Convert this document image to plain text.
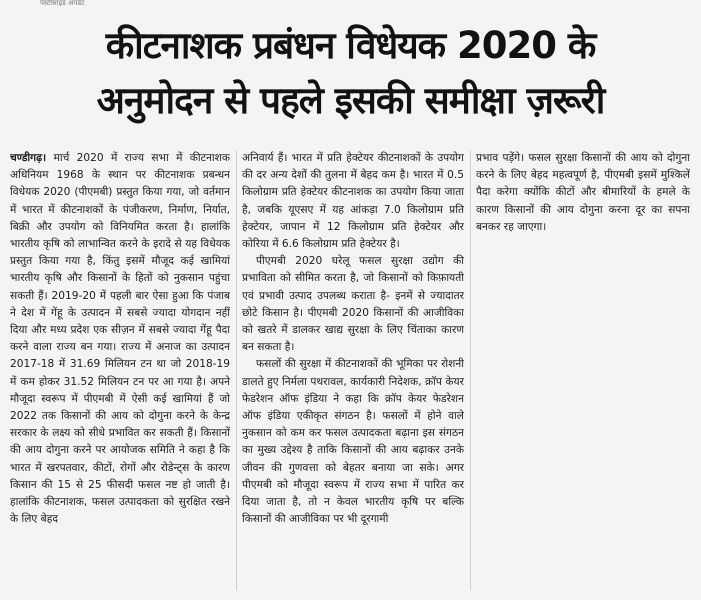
पेस्टीसाइड अपडेट
कीटनाशक प्रबंधन विधेयक 2020 के
अनुमोदन से पहले इसकी समीक्षा ज़रूरी

चण्डीगढ़। मार्च 2020 में राज्य सभा में कीटनाशक अधिनियम 1968 के स्थान पर कीटनाशक प्रबन्धन विधेयक 2020 (पीएमबी) प्रस्तुत किया गया, जो वर्तमान में भारत में कीटनाशकों के पंजीकरण, निर्माण, निर्यात, बिक्री और उपयोग को विनियमित करता है। हालांकि भारतीय कृषि को लाभान्वित करने के इरादे से यह विधेयक प्रस्तुत किया गया है, किंतु इसमें मौजूद कई खामियां भारतीय कृषि और किसानों के हितों को नुकसान पहुंचा सकती हैं। 2019-20 में पहली बार ऐसा हुआ कि पंजाब ने देश में गेंहू के उत्पादन में सबसे ज्यादा योगदान नहीं दिया और मध्य प्रदेश एक सीज़न में सबसे ज्यादा गेंहू पैदा करने वाला राज्य बन गया। राज्य में अनाज का उत्पादन 2017-18 में 31.69 मिलियन टन था जो 2018-19 में कम होकर 31.52 मिलियन टन पर आ गया है। अपने मौजूदा स्वरूप में पीएमबी में ऐसी कई खामियां हैं जो 2022 तक किसानों की आय को दोगुना करने के केन्द्र सरकार के लक्ष्य को सीधे प्रभावित कर सकती हैं। किसानों की आय दोगुना करने पर आयोजक समिति ने कहा है कि भारत में खरपतवार, कीटों, रोगों और रोडेन्ट्स के कारण किसान की 15 से 25 फीसदी फसल नष्ट हो जाती है। हालांकि कीटनाशक, फसल उत्पादकता को सुरक्षित रखने के लिए बेहद

अनिवार्य हैं। भारत में प्रति हेक्टेयर कीटनाशकों के उपयोग की दर अन्य देशों की तुलना में बेहद कम है। भारत में 0.5 किलोग्राम प्रति हेक्टेयर कीटनाशक का उपयोग किया जाता है, जबकि यूएसए में यह आंकड़ा 7.0 किलोग्राम प्रति हेक्टेयर, जापान में 12 किलोग्राम प्रति हेक्टेयर और कोरिया में 6.6 किलोग्राम प्रति हेक्टेयर है।

पीएमबी 2020 घरेलू फसल सुरक्षा उद्योग की प्रभाविता को सीमित करता है, जो किसानों को किफ़ायती एवं प्रभावी उत्पाद उपलब्ध कराता है- इनमें से ज्यादातर छोटे किसान है। पीएमबी 2020 किसानों की आजीविका को खतरे में डालकर खाद्य सुरक्षा के लिए चिंताका कारण बन सकता है।

फसलों की सुरक्षा में कीटनाशकों की भूमिका पर रोशनी डालते हुए निर्मला पथरावल, कार्यकारी निदेशक, क्रॉप केयर फेडरेशन ऑफ इंडिया ने कहा कि क्रॉप केयर फेडरेशन ऑफ इंडिया एकीकृत संगठन है। फसलों में होने वाले नुकसान को कम कर फसल उत्पादकता बढ़ाना इस संगठन का मुख्य उद्देश्य है ताकि किसानों की आय बढ़ाकर उनके जीवन की गुणवत्ता को बेहतर बनाया जा सके। अगर पीएमबी को मौजूदा स्वरूप में राज्य सभा में पारित कर दिया जाता है, तो न केवल भारतीय कृषि पर बल्कि किसानों की आजीविका पर भी दूरगामी

प्रभाव पड़ेंगे। फसल सुरक्षा किसानों की आय को दोगुना करने के लिए बेहद महत्वपूर्ण है, पीएमबी इसमें मुश्किलें पैदा करेगा क्योंकि कीटों और बीमारियों के हमले के कारण किसानों की आय दोगुना करना दूर का सपना बनकर रह जाएगा।
